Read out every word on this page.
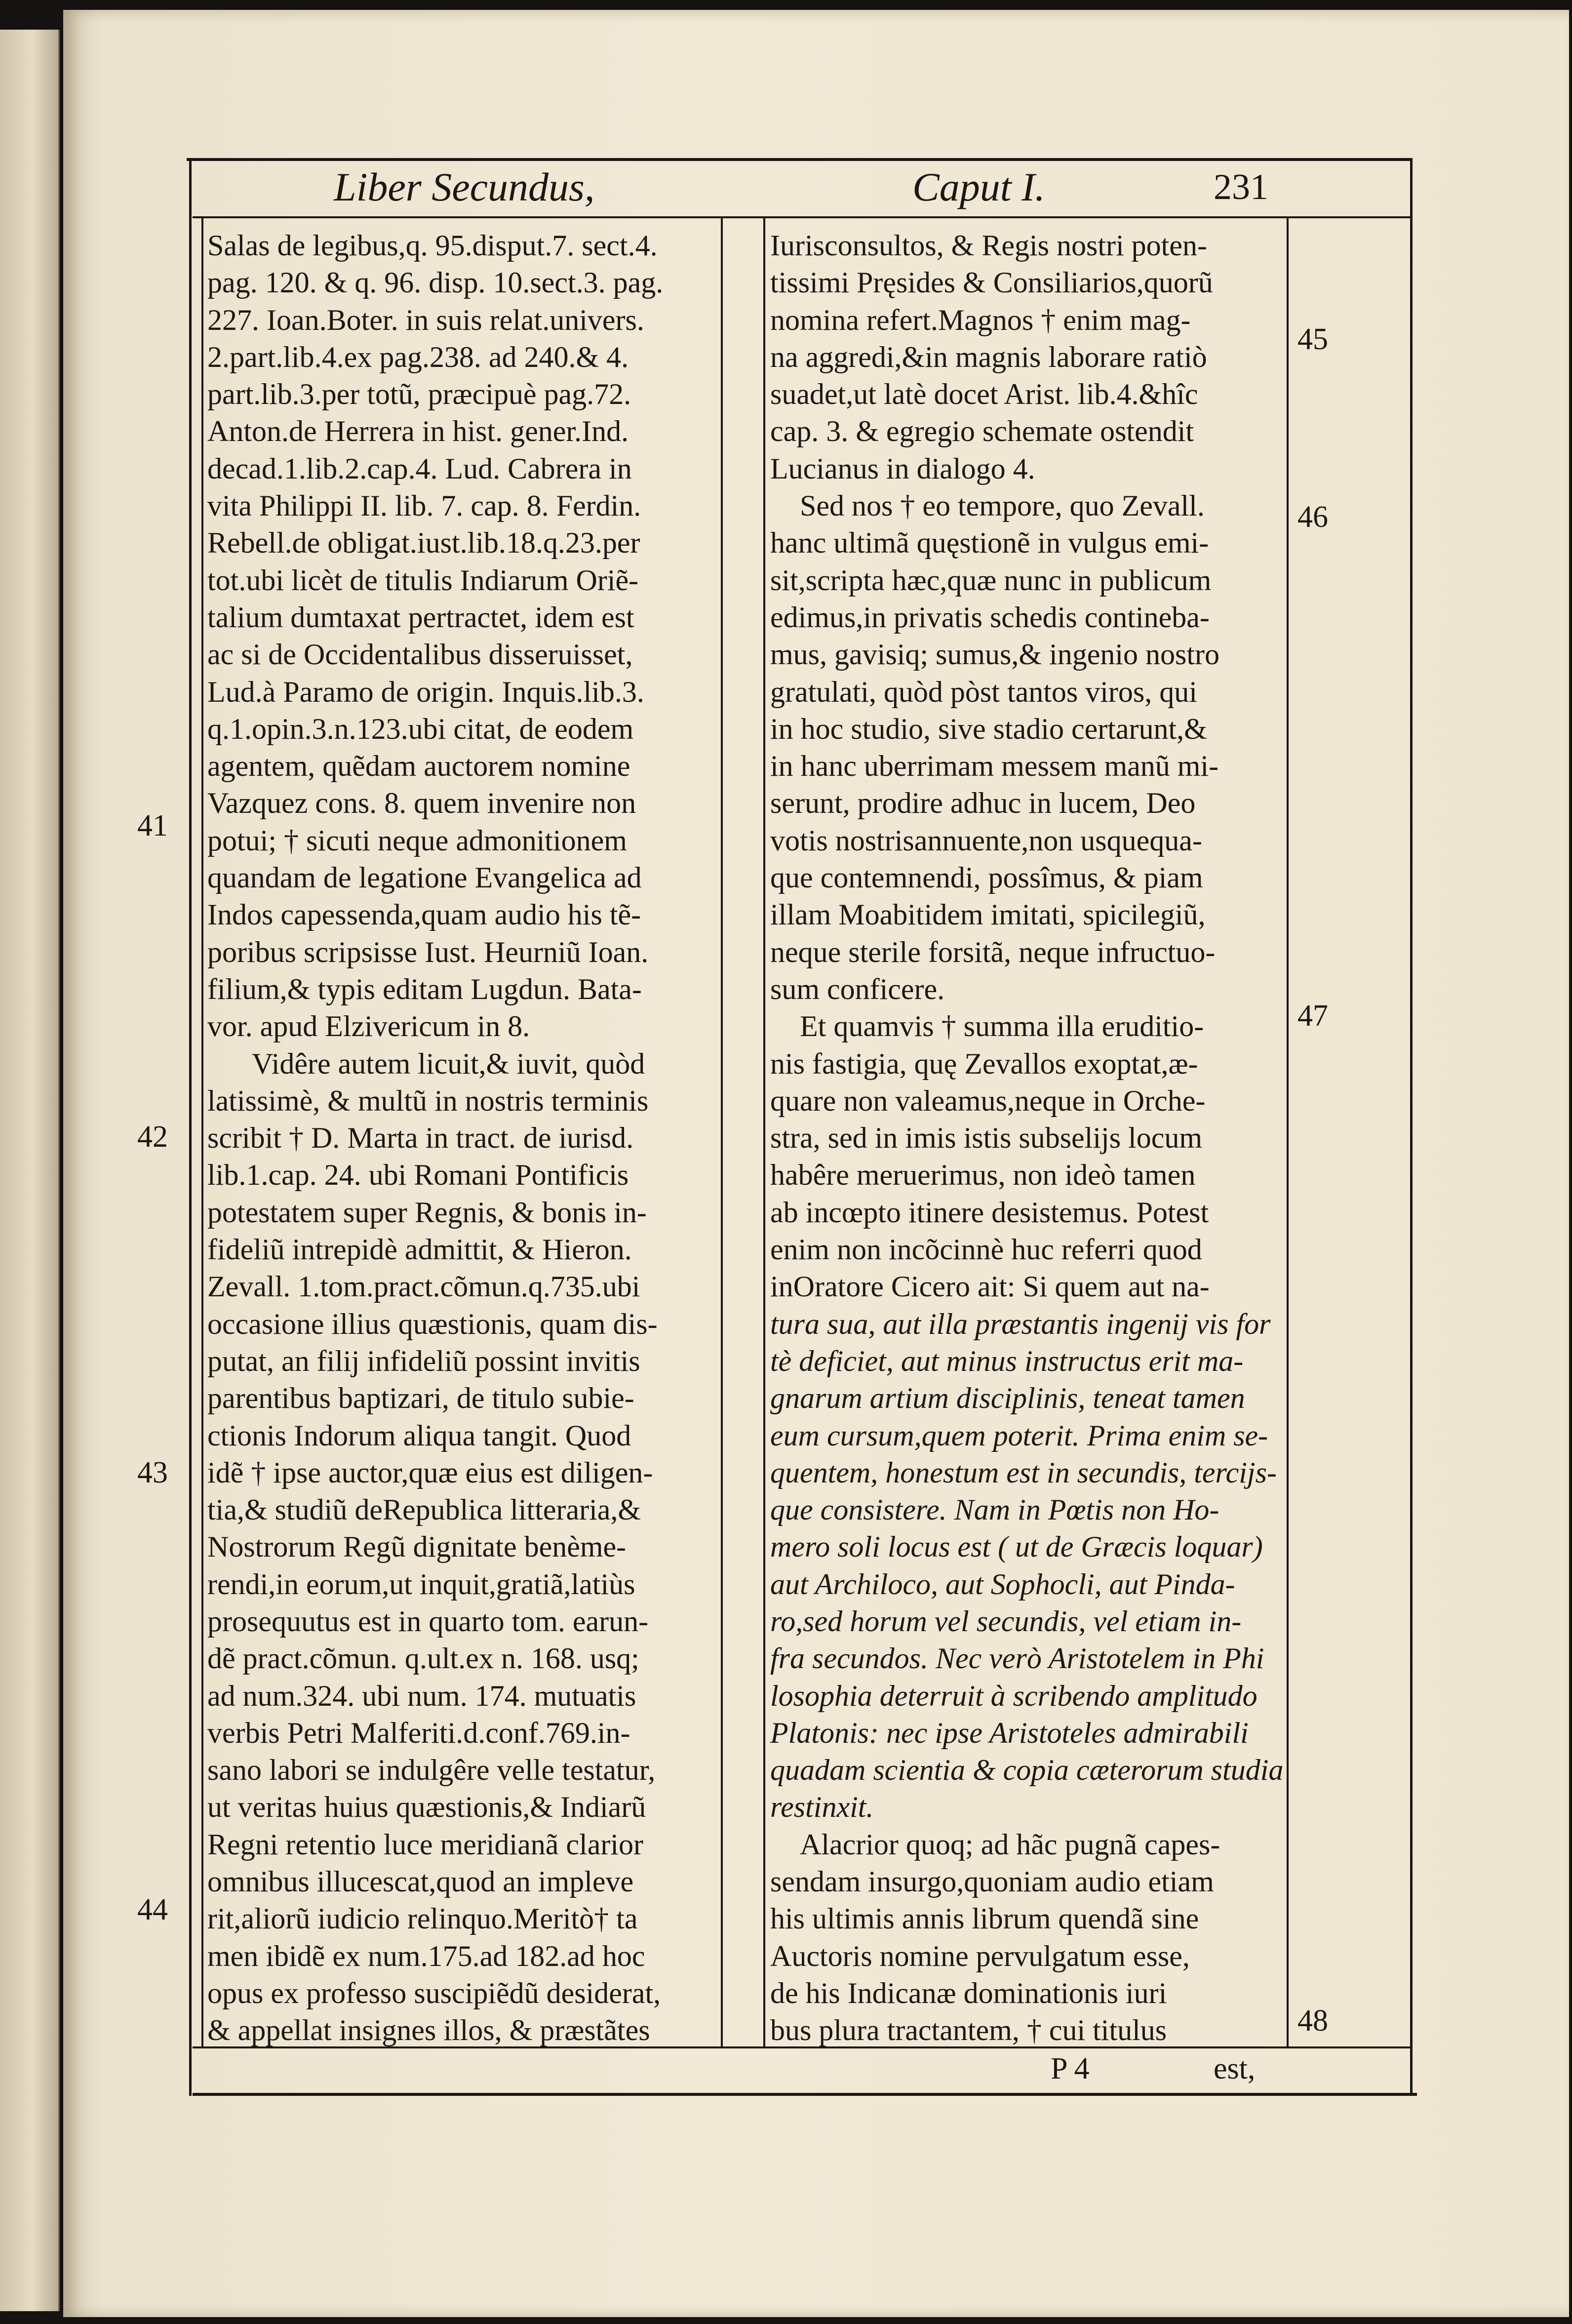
Liber Secundus,	Caput I.	231
Salas de legibus,q. 95.disput.7. sect.4.
pag. 120. & q. 96. disp. 10.sect.3. pag.
227. Ioan.Boter. in suis relat.univers.
2.part.lib.4.ex pag.238. ad 240.& 4.
part.lib.3.per totũ, præcipuè pag.72.
Anton.de Herrera in hist. gener.Ind.
decad.1.lib.2.cap.4. Lud. Cabrera in
vita Philippi II. lib. 7. cap. 8. Ferdin.
Rebell.de obligat.iust.lib.18.q.23.per
tot.ubi licèt de titulis Indiarum Oriẽ-
talium dumtaxat pertractet, idem est
ac si de Occidentalibus disseruisset,
Lud.à Paramo de origin. Inquis.lib.3.
q.1.opin.3.n.123.ubi citat, de eodem
agentem, quẽdam auctorem nomine
Vazquez cons. 8. quem invenire non
potui; † sicuti neque admonitionem
quandam de legatione Evangelica ad
Indos capessenda,quam audio his tẽ-
poribus scripsisse Iust. Heurniũ Ioan.
filium,& typis editam Lugdun. Bata-
vor. apud Elzivericum in 8.
Vidêre autem licuit,& iuvit, quòd
latissimè, & multũ in nostris terminis
scribit † D. Marta in tract. de iurisd.
lib.1.cap. 24. ubi Romani Pontificis
potestatem super Regnis, & bonis in-
fideliũ intrepidè admittit, & Hieron.
Zevall. 1.tom.pract.cõmun.q.735.ubi
occasione illius quæstionis, quam dis-
putat, an filij infideliũ possint invitis
parentibus baptizari, de titulo subie-
ctionis Indorum aliqua tangit. Quod
idẽ † ipse auctor,quæ eius est diligen-
tia,& studiũ deRepublica litteraria,&
Nostrorum Regũ dignitate benème-
rendi,in eorum,ut inquit,gratiã,latiùs
prosequutus est in quarto tom. earun-
dẽ pract.cõmun. q.ult.ex n. 168. usq;
ad num.324. ubi num. 174. mutuatis
verbis Petri Malferiti.d.conf.769.in-
sano labori se indulgêre velle testatur,
ut veritas huius quæstionis,& Indiarũ
Regni retentio luce meridianã clarior
omnibus illucescat,quod an impleve
rit,aliorũ iudicio relinquo.Meritò† ta
men ibidẽ ex num.175.ad 182.ad hoc
opus ex professo suscipiẽdũ desiderat,
& appellat insignes illos, & præstãtes
Iurisconsultos, & Regis nostri poten-
tissimi Pręsides & Consiliarios,quorũ
nomina refert.Magnos † enim mag-
na aggredi,&in magnis laborare ratiò
suadet,ut latè docet Arist. lib.4.&hîc
cap. 3. & egregio schemate ostendit
Lucianus in dialogo 4.
Sed nos † eo tempore, quo Zevall.
hanc ultimã quęstionẽ in vulgus emi-
sit,scripta hæc,quæ nunc in publicum
edimus,in privatis schedis contineba-
mus, gavisiq; sumus,& ingenio nostro
gratulati, quòd pòst tantos viros, qui
in hoc studio, sive stadio certarunt,&
in hanc uberrimam messem manũ mi-
serunt, prodire adhuc in lucem, Deo
votis nostrisannuente,non usquequa-
que contemnendi, possîmus, & piam
illam Moabitidem imitati, spicilegiũ,
neque sterile forsitã, neque infructuo-
sum conficere.
Et quamvis † summa illa eruditio-
nis fastigia, quę Zevallos exoptat,æ-
quare non valeamus,neque in Orche-
stra, sed in imis istis subselijs locum
habêre meruerimus, non ideò tamen
ab incœpto itinere desistemus. Potest
enim non incõcinnè huc referri quod
inOratore Cicero ait: Si quem aut na-
tura sua, aut illa præstantis ingenij vis for
tè deficiet, aut minus instructus erit ma-
gnarum artium disciplinis, teneat tamen
eum cursum,quem poterit. Prima enim se-
quentem, honestum est in secundis, tercijs-
que consistere. Nam in Pœtis non Ho-
mero soli locus est ( ut de Græcis loquar)
aut Archiloco, aut Sophocli, aut Pinda-
ro,sed horum vel secundis, vel etiam in-
fra secundos. Nec verò Aristotelem in Phi
losophia deterruit à scribendo amplitudo
Platonis: nec ipse Aristoteles admirabili
quadam scientia & copia cæterorum studia
restinxit.
Alacrior quoq; ad hãc pugnã capes-
sendam insurgo,quoniam audio etiam
his ultimis annis librum quendã sine
Auctoris nomine pervulgatum esse,
de his Indicanæ dominationis iuri
bus plura tractantem, † cui titulus
41
42
43
44
45
46
47
48
P 4	est,
